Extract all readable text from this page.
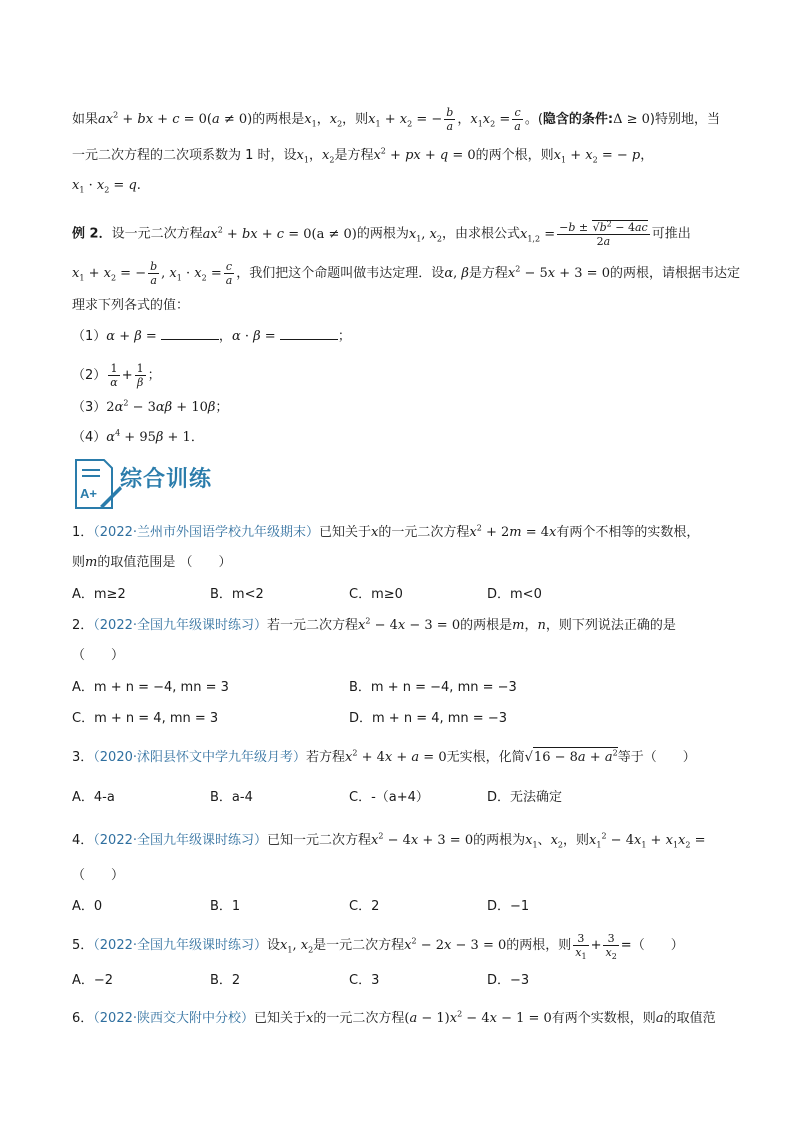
如果$ax^2$ + bx + c = 0(a ≠ 0)的两根是$x_1$，$x_2$，则$x_1 + x_2$ = − $\frac{b}{a}$ ，$x_1x_2 = \frac{c}{a}$ 。(隐含的条件:Δ ≥ 0)特别地，当
一元二次方程的二次项系数为 1 时，设$x_1$，$x_2$是方程$x^2$ + px + q = 0的两个根，则$x_1 + x_2$ = − p，
$x_1 \cdot x_2 = q$.
例 2．设一元二次方程$ax^2$ + bx + c = 0(a ≠ 0)的两根为$x_1$, $x_2$，由求根公式$x_{1,2} = \frac{-b \pm √b^2 - 4ac}{2a}$ 可推出
$x_1 + x_2$ = − $\frac{b}{a}$ , $x_1 \cdot x_2 = \frac{c}{a}$ ，我们把这个命题叫做韦达定理．设α, β是方程$x^2 - 5x + 3 = 0$的两根，请根据韦达定
理求下列各式的值：
（1）α + β =	，α · β =	；
$(2) \frac{1}{\alpha} + \frac{1}{\beta}$ ；
$(3)2\alpha^2 - 3\alpha\beta + 10\beta$；
$(4)\alpha^4 + 95\beta + 1$．
A+
综合训练
1．（2022·兰州市外国语学校九年级期末）已知关于x的一元二次方程$x^2 + 2m = 4x$有两个不相等的实数根，
则m的取值范围是 （　　）
A．m≥2	B．m<2	C．m≥0	D．m<0
2．（2022·全国九年级课时练习）若一元二次方程$x^2 - 4x - 3 = 0$的两根是m，n，则下列说法正确的是
（　　）
A．m + n = −4, mn = 3	B．m + n = −4, mn = −3
C．m + n = 4, mn = 3	D．m + n = 4, mn = −3
3．（2020·沭阳县怀文中学九年级月考）若方程$x^2 + 4x + a = 0$无实根，化简$√16 - 8a + a^2$等于（　　）
A．4-a	B．a-4	C．-（a+4）	D．无法确定
4．（2022·全国九年级课时练习）已知一元二次方程$x^2 - 4x + 3 = 0$的两根为$x_1$、$x_2$，则$x_1^2 - 4x_1 + x_1x_2$ =
（　　）
A．0	B．1	C．2	D．−1
5．（2022·全国九年级课时练习）设$x_1$, $x_2$是一元二次方程$x^2 - 2x - 3 = 0$的两根，则 $\frac{3}{x_1} + \frac{3}{x_2}$ =（　　）
A．−2	B．2	C．3	D．−3
6．（2022·陕西交大附中分校）已知关于x的一元二次方程$(a - 1)x^2 - 4x - 1 = 0$有两个实数根，则a的取值范
